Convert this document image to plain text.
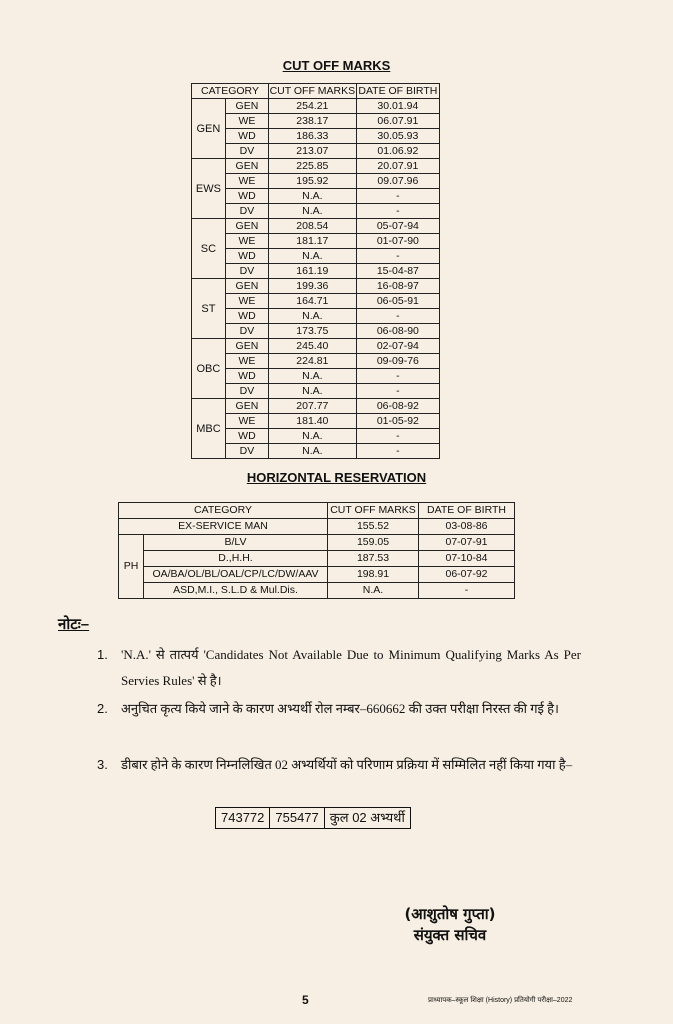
CUT OFF MARKS
CATEGORY		CUT OFF MARKS	DATE OF BIRTH
GEN	GEN	254.21	30.01.94
	WE	238.17	06.07.91
	WD	186.33	30.05.93
	DV	213.07	01.06.92
EWS	GEN	225.85	20.07.91
	WE	195.92	09.07.96
	WD	N.A.	-
	DV	N.A.	-
SC	GEN	208.54	05-07-94
	WE	181.17	01-07-90
	WD	N.A.	-
	DV	161.19	15-04-87
ST	GEN	199.36	16-08-97
	WE	164.71	06-05-91
	WD	N.A.	-
	DV	173.75	06-08-90
OBC	GEN	245.40	02-07-94
	WE	224.81	09-09-76
	WD	N.A.	-
	DV	N.A.	-
MBC	GEN	207.77	06-08-92
	WE	181.40	01-05-92
	WD	N.A.	-
	DV	N.A.	-
HORIZONTAL RESERVATION
CATEGORY		CUT OFF MARKS	DATE OF BIRTH
EX-SERVICE MAN		155.52	03-08-86
PH	B/LV	159.05	07-07-91
	D.,H.H.	187.53	07-10-84
	OA/BA/OL/BL/OAL/CP/LC/DW/AAV	198.91	06-07-92
	ASD,M.I., S.L.D & Mul.Dis.	N.A.	-
नोटः–
1. 'N.A.' से तात्पर्य 'Candidates Not Available Due to Minimum Qualifying Marks As Per Servies Rules' से है।
2. अनुचित कृत्य किये जाने के कारण अभ्यर्थी रोल नम्बर–660662 की उक्त परीक्षा निरस्त की गई है।
3. डीबार होने के कारण निम्नलिखित 02 अभ्यर्थियों को परिणाम प्रक्रिया में सम्मिलित नहीं किया गया है–
743772	755477	कुल 02 अभ्यर्थी
(आशुतोष गुप्ता)
संयुक्त सचिव
5	प्राध्यापक–स्कूल शिक्षा (History) प्रतियोगी परीक्षा–2022
